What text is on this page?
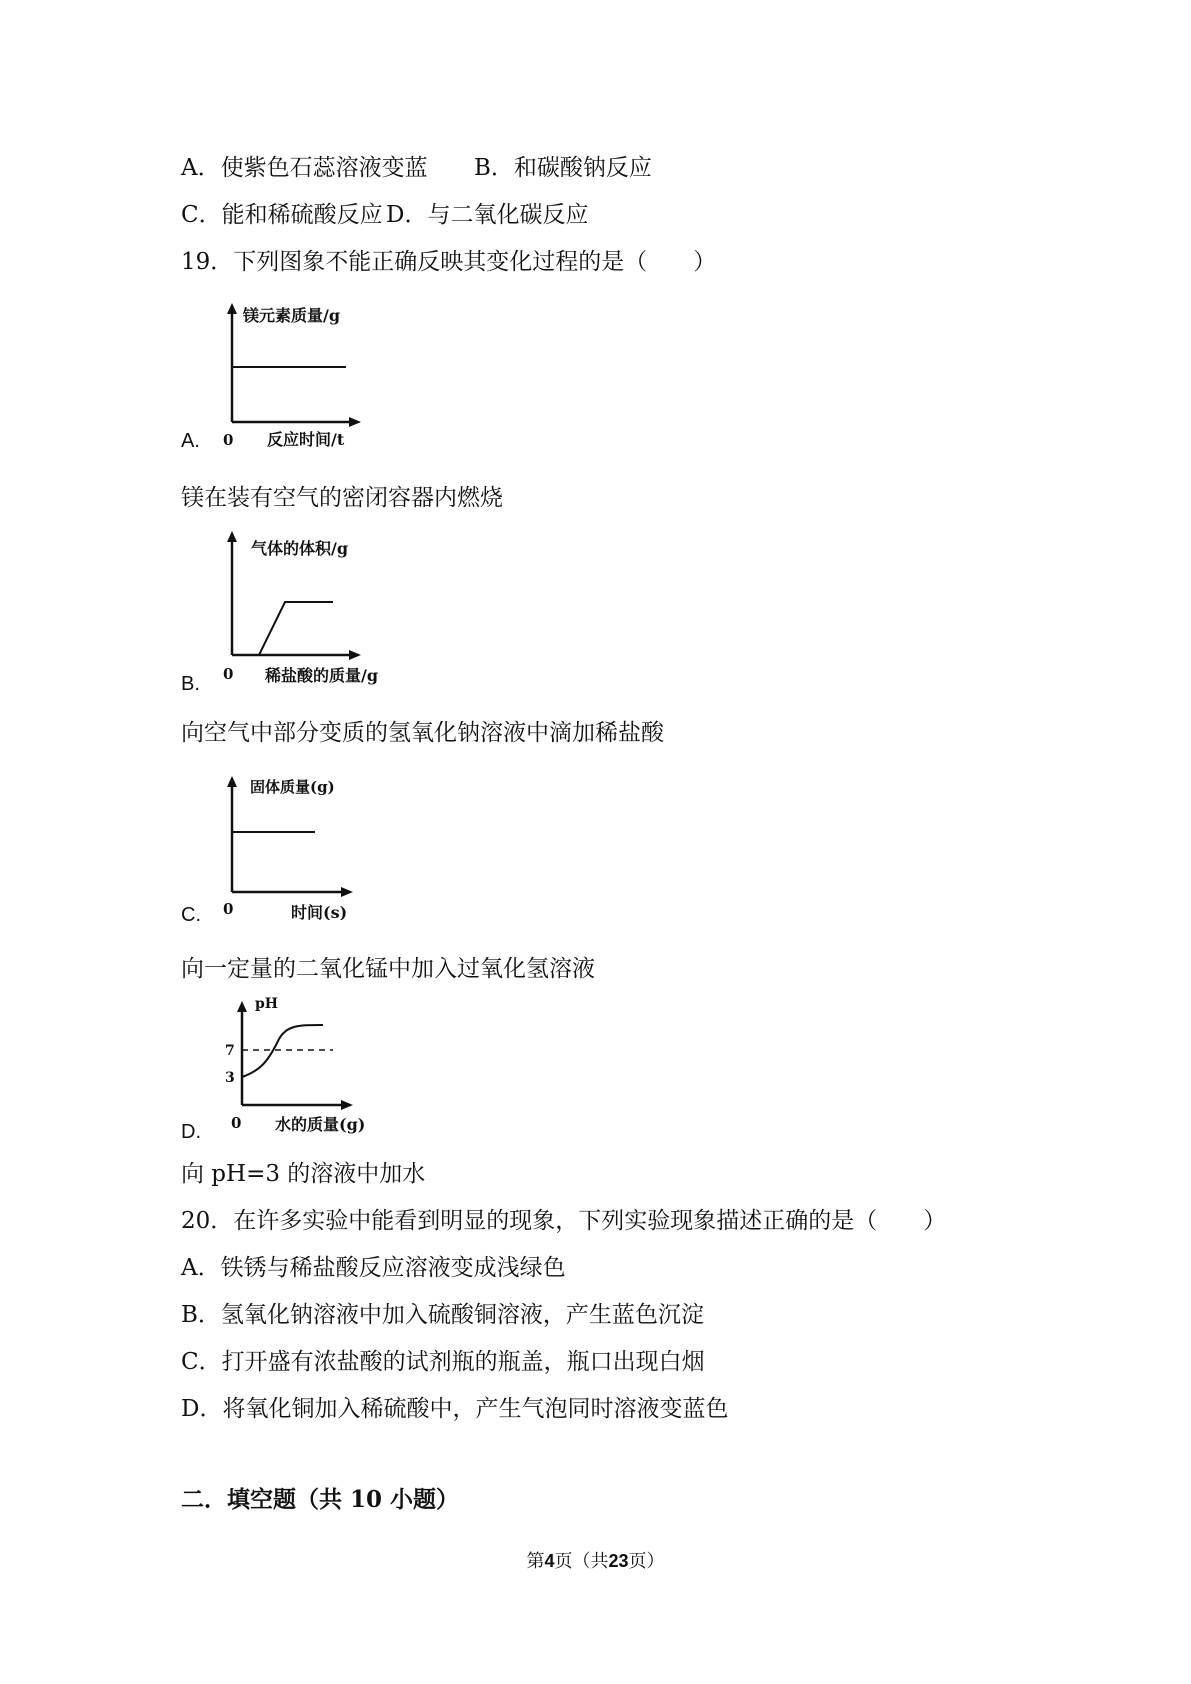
A．使紫色石蕊溶液变蓝 B．和碳酸钠反应
C．能和稀硫酸反应 D．与二氧化碳反应
19．下列图象不能正确反映其变化过程的是（　　）
A.
镁元素质量/g
0 反应时间/t
镁在装有空气的密闭容器内燃烧
B.
气体的体积/g
0 稀盐酸的质量/g
向空气中部分变质的氢氧化钠溶液中滴加稀盐酸
C.
固体质量(g)
0	时间(s)
向一定量的二氧化锰中加入过氧化氢溶液
D.
pH
7
3
0 水的质量(g)
向 pH=3 的溶液中加水
20．在许多实验中能看到明显的现象，下列实验现象描述正确的是（　　）
A．铁锈与稀盐酸反应溶液变成浅绿色
B．氢氧化钠溶液中加入硫酸铜溶液，产生蓝色沉淀
C．打开盛有浓盐酸的试剂瓶的瓶盖，瓶口出现白烟
D．将氧化铜加入稀硫酸中，产生气泡同时溶液变蓝色
二．填空题（共 10 小题）
第4页（共23页）
